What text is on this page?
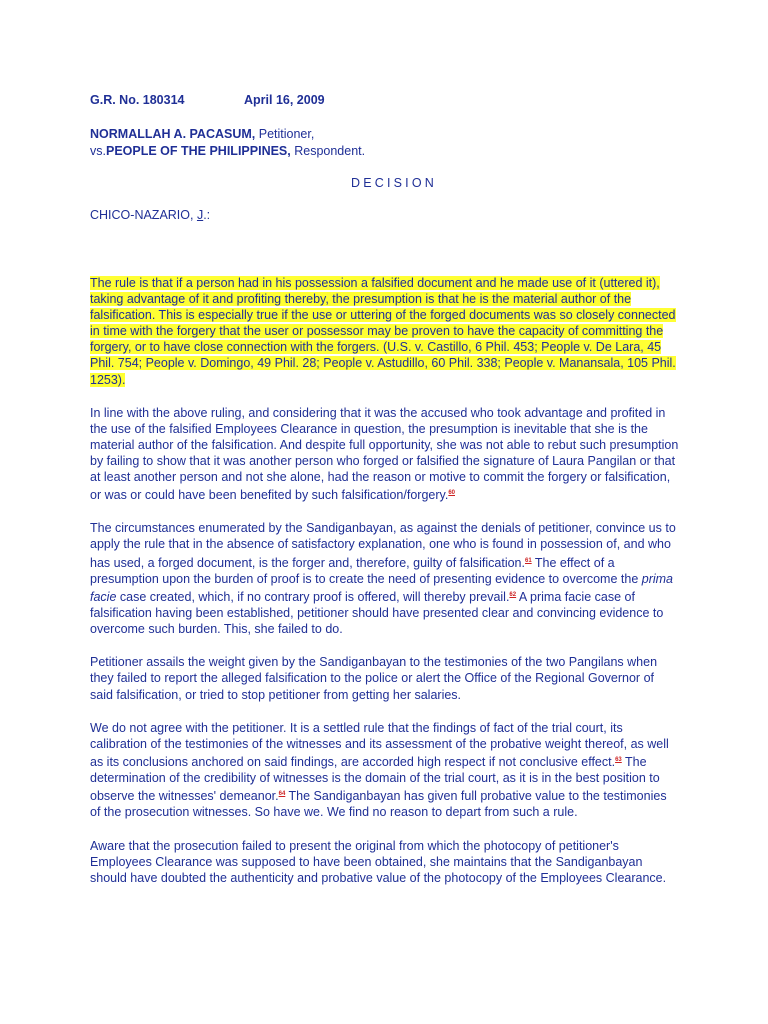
G.R. No. 180314	April 16, 2009
NORMALLAH A. PACASUM, Petitioner,
vs.PEOPLE OF THE PHILIPPINES, Respondent.
DECISION
CHICO-NAZARIO, J.:

The rule is that if a person had in his possession a falsified document and he made use of it (uttered it), taking advantage of it and profiting thereby, the presumption is that he is the material author of the falsification. This is especially true if the use or uttering of the forged documents was so closely connected in time with the forgery that the user or possessor may be proven to have the capacity of committing the forgery, or to have close connection with the forgers. (U.S. v. Castillo, 6 Phil. 453; People v. De Lara, 45 Phil. 754; People v. Domingo, 49 Phil. 28; People v. Astudillo, 60 Phil. 338; People v. Manansala, 105 Phil. 1253).

In line with the above ruling, and considering that it was the accused who took advantage and profited in the use of the falsified Employees Clearance in question, the presumption is inevitable that she is the material author of the falsification. And despite full opportunity, she was not able to rebut such presumption by failing to show that it was another person who forged or falsified the signature of Laura Pangilan or that at least another person and not she alone, had the reason or motive to commit the forgery or falsification, or was or could have been benefited by such falsification/forgery.$^{60}$

The circumstances enumerated by the Sandiganbayan, as against the denials of petitioner, convince us to apply the rule that in the absence of satisfactory explanation, one who is found in possession of, and who has used, a forged document, is the forger and, therefore, guilty of falsification.$^{61}$ The effect of a presumption upon the burden of proof is to create the need of presenting evidence to overcome the prima facie case created, which, if no contrary proof is offered, will thereby prevail.$^{62}$ A prima facie case of falsification having been established, petitioner should have presented clear and convincing evidence to overcome such burden. This, she failed to do.

Petitioner assails the weight given by the Sandiganbayan to the testimonies of the two Pangilans when they failed to report the alleged falsification to the police or alert the Office of the Regional Governor of said falsification, or tried to stop petitioner from getting her salaries.

We do not agree with the petitioner. It is a settled rule that the findings of fact of the trial court, its calibration of the testimonies of the witnesses and its assessment of the probative weight thereof, as well as its conclusions anchored on said findings, are accorded high respect if not conclusive effect.$^{63}$ The determination of the credibility of witnesses is the domain of the trial court, as it is in the best position to observe the witnesses' demeanor.$^{64}$ The Sandiganbayan has given full probative value to the testimonies of the prosecution witnesses. So have we. We find no reason to depart from such a rule.

Aware that the prosecution failed to present the original from which the photocopy of petitioner's Employees Clearance was supposed to have been obtained, she maintains that the Sandiganbayan should have doubted the authenticity and probative value of the photocopy of the Employees Clearance.
